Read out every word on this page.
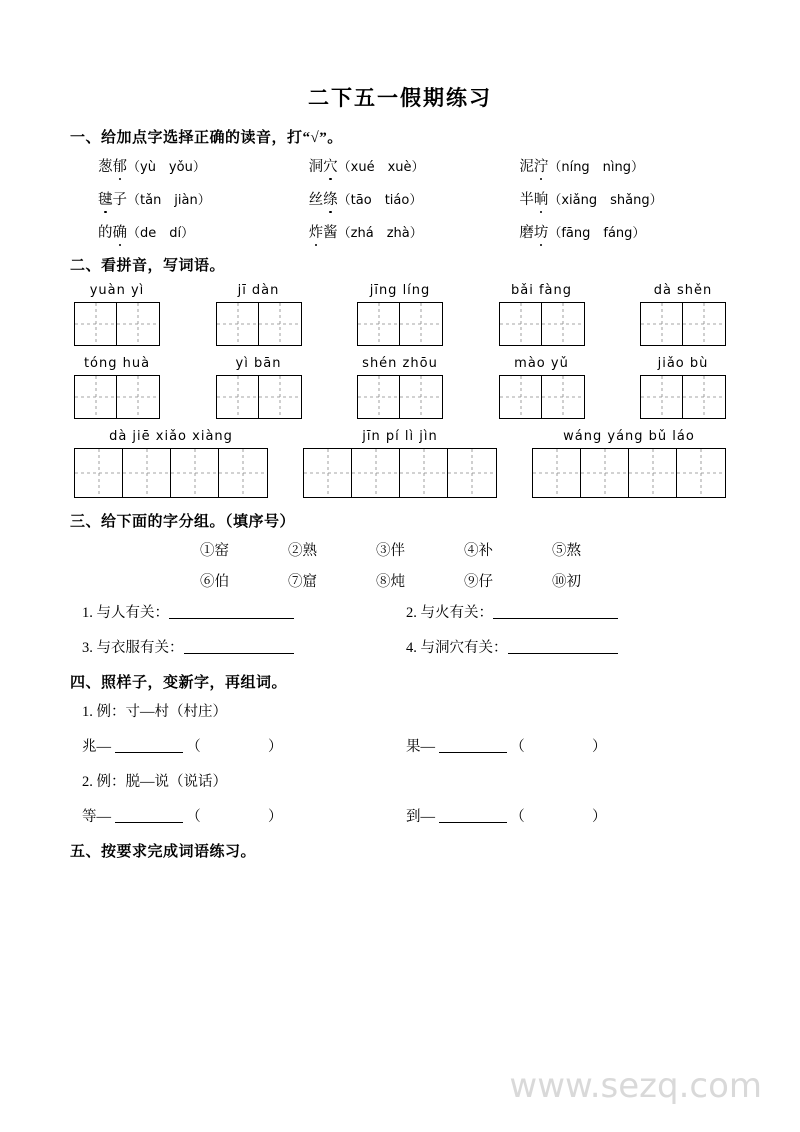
二下五一假期练习
一、给加点字选择正确的读音，打“√”。
葱郁（yù　yǒu）	洞穴（xué　xuè）	泥泞（níng　nìng）
毽子（tǎn　jiàn）	丝绦（tāo　tiáo）	半晌（xiǎng　shǎng）
的确（de　dí）	炸酱（zhá　zhà）	磨坊（fāng　fáng）
二、看拼音，写词语。
yuàn yì	jī dàn	jīng líng	bǎi fàng	dà shěn
tóng huà	yì bān	shén zhōu	mào yǔ	jiǎo bù
dà jiē xiǎo xiàng	jīn pí lì jìn	wáng yáng bǔ láo
三、给下面的字分组。（填序号）
①窑	②熟	③伴	④补	⑤熬
⑥伯	⑦窟	⑧炖	⑨仔	⑩初
1. 与人有关：	2. 与火有关：
3. 与衣服有关：	4. 与洞穴有关：
四、照样子，变新字，再组词。
1. 例：寸—村（村庄）
兆—	（	）	果—	（	）
2. 例：脱—说（说话）
等—	（	）	到—	（	）
五、按要求完成词语练习。
www.sezq.com
